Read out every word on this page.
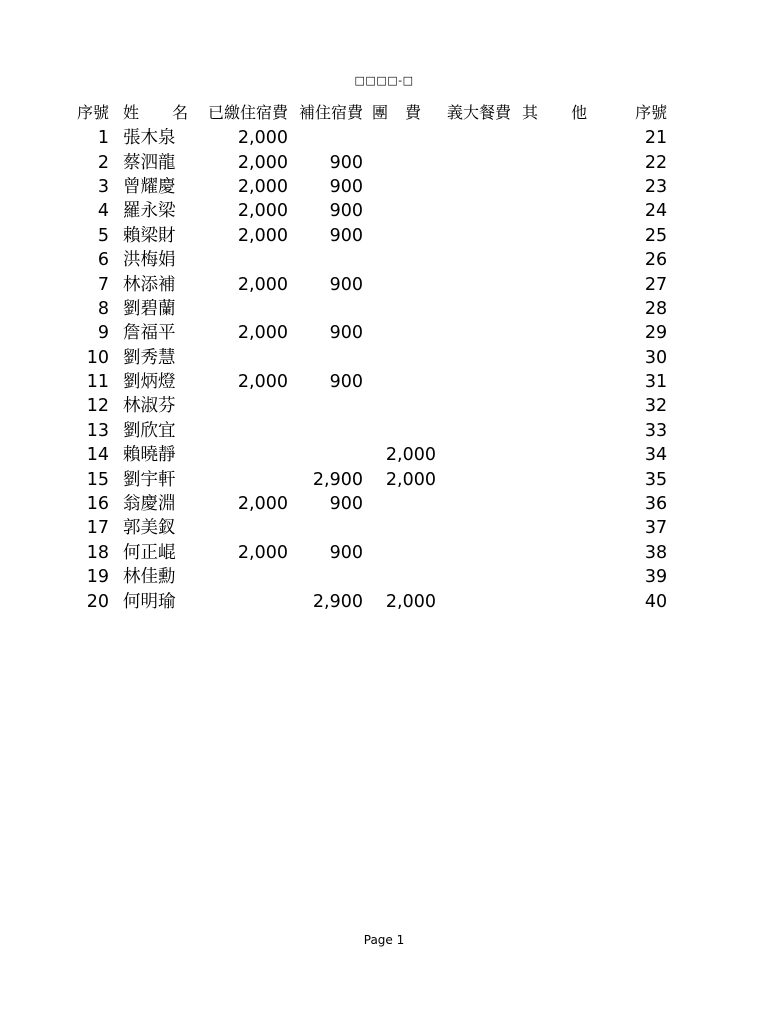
□□□□-□
序號	姓 名	已繳住宿費	補住宿費	團 費	義大餐費	其 他	序號
1	張木泉	2,000					21
2	蔡泗龍	2,000	900				22
3	曾耀慶	2,000	900				23
4	羅永梁	2,000	900				24
5	賴梁財	2,000	900				25
6	洪梅娟						26
7	林添補	2,000	900				27
8	劉碧蘭						28
9	詹福平	2,000	900				29
10	劉秀慧						30
11	劉炳燈	2,000	900				31
12	林淑芬						32
13	劉欣宜						33
14	賴曉靜			2,000			34
15	劉宇軒		2,900	2,000			35
16	翁慶淵	2,000	900				36
17	郭美釵						37
18	何正崐	2,000	900				38
19	林佳勳						39
20	何明瑜		2,900	2,000			40
Page 1
